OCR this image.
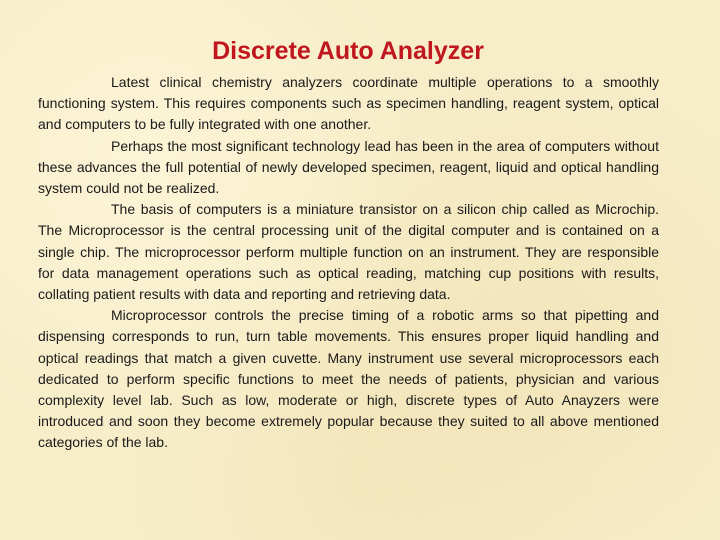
Discrete Auto Analyzer

Latest clinical chemistry analyzers coordinate multiple operations to a smoothly functioning system. This requires components such as specimen handling, reagent system, optical and computers to be fully integrated with one another.

Perhaps the most significant technology lead has been in the area of computers without these advances the full potential of newly developed specimen, reagent, liquid and optical handling system could not be realized.

The basis of computers is a miniature transistor on a silicon chip called as Microchip. The Microprocessor is the central processing unit of the digital computer and is contained on a single chip. The microprocessor perform multiple function on an instrument. They are responsible for data management operations such as optical reading, matching cup positions with results, collating patient results with data and reporting and retrieving data.

Microprocessor controls the precise timing of a robotic arms so that pipetting and dispensing corresponds to run, turn table movements. This ensures proper liquid handling and optical readings that match a given cuvette. Many instrument use several microprocessors each dedicated to perform specific functions to meet the needs of patients, physician and various complexity level lab. Such as low, moderate or high, discrete types of Auto Anayzers were introduced and soon they become extremely popular because they suited to all above mentioned categories of the lab.
